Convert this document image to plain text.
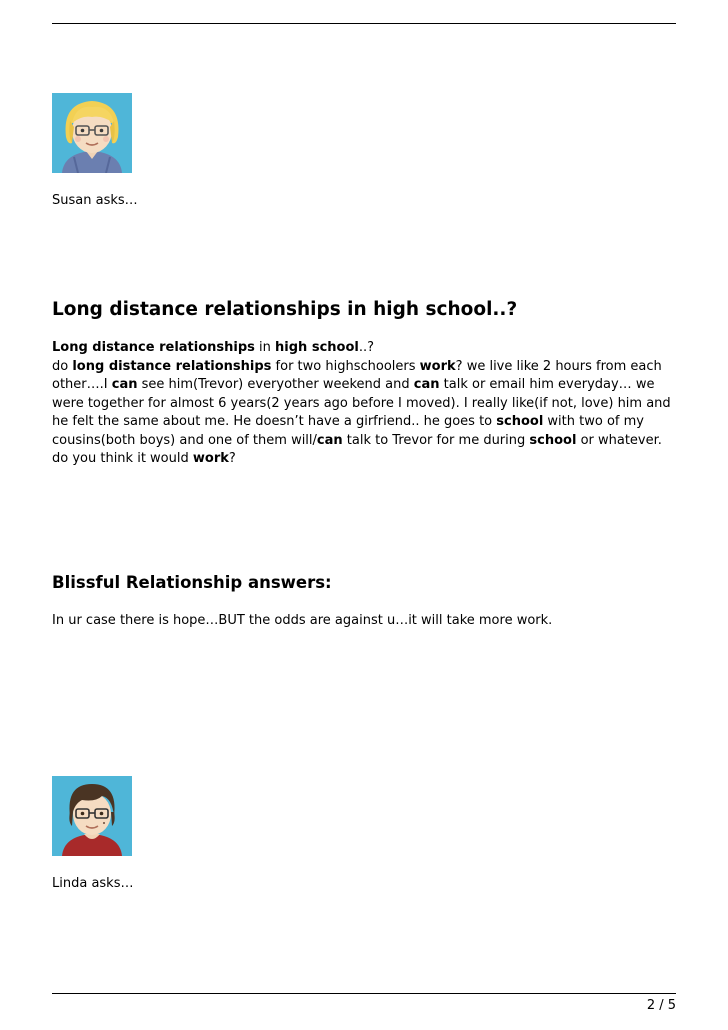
Susan asks…
Long distance relationships in high school..?
Long distance relationships in high school..?
do long distance relationships for two highschoolers work? we live like 2 hours from each
other….I can see him(Trevor) everyother weekend and can talk or email him everyday… we
were together for almost 6 years(2 years ago before I moved). I really like(if not, love) him and
he felt the same about me. He doesn’t have a girfriend.. he goes to school with two of my
cousins(both boys) and one of them will/can talk to Trevor for me during school or whatever.
do you think it would work?
Blissful Relationship answers:
In ur case there is hope…BUT the odds are against u…it will take more work.
Linda asks…
2 / 5
